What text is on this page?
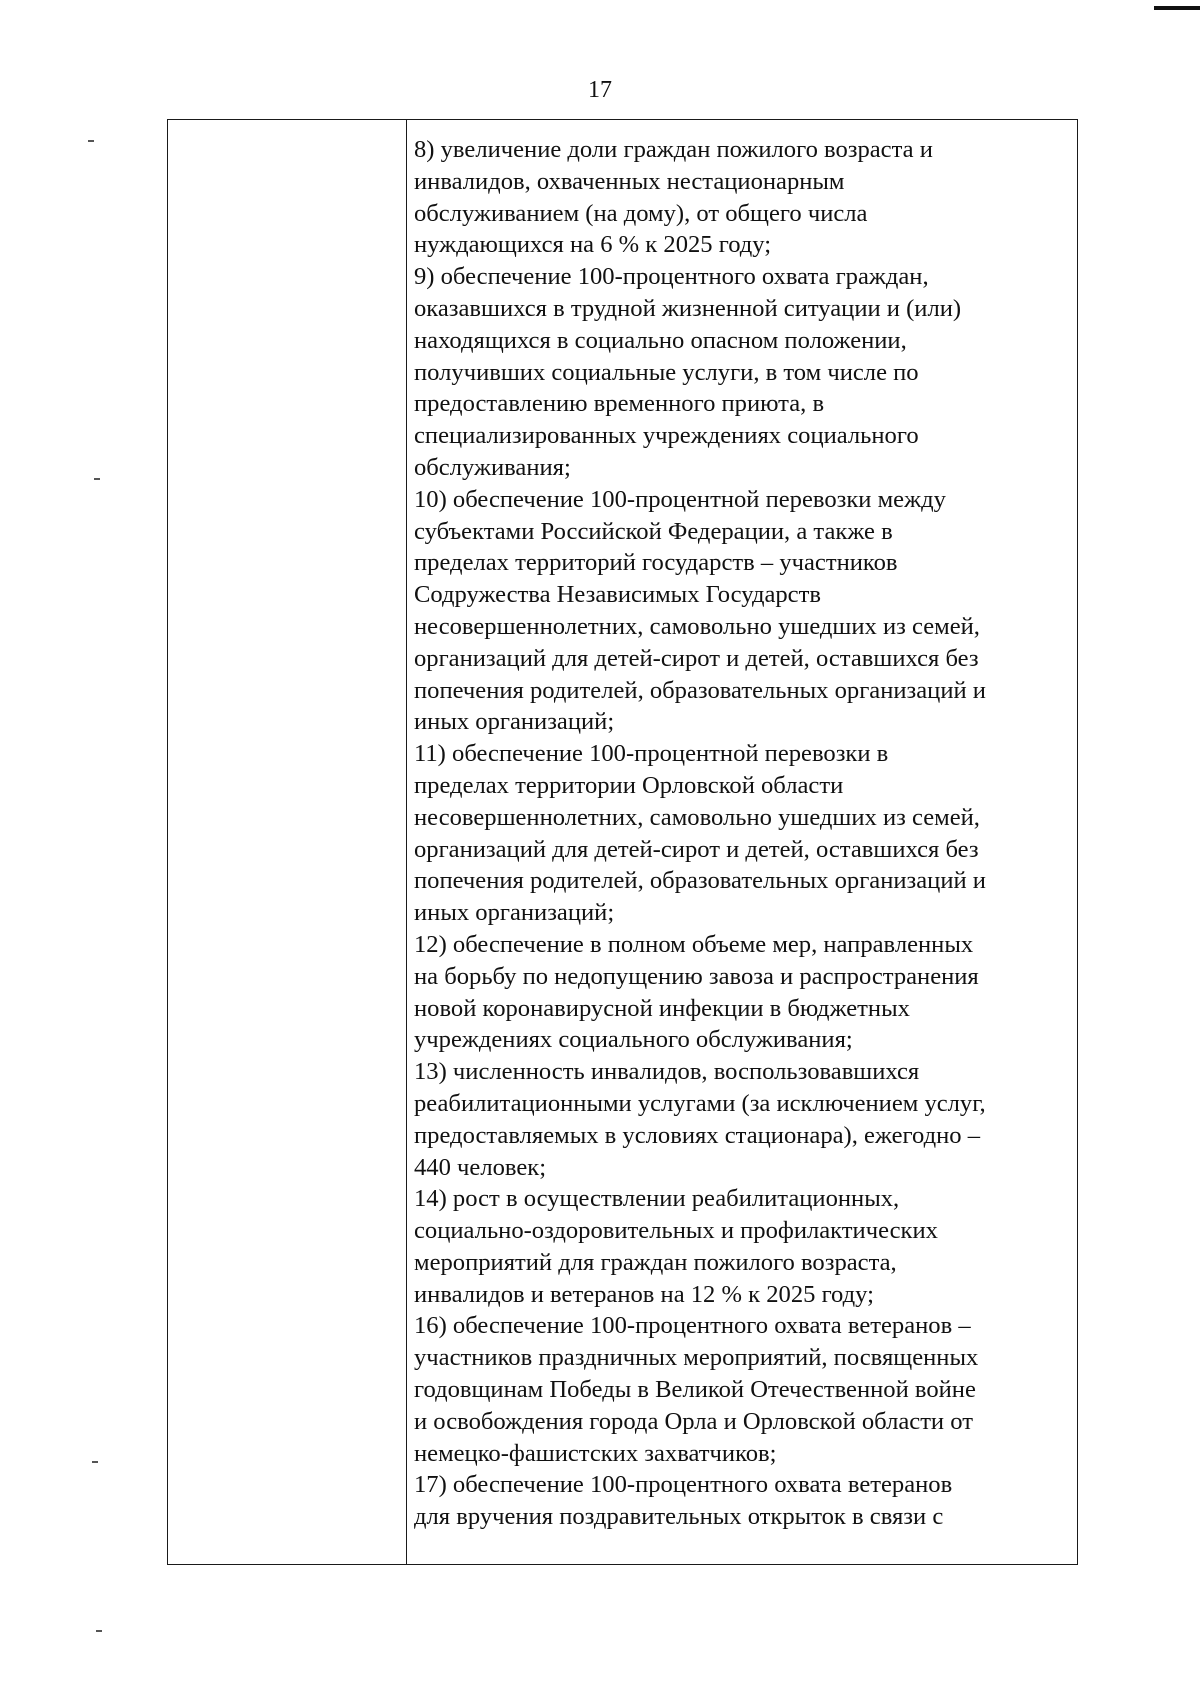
17

8) увеличение доли граждан пожилого возраста и
инвалидов, охваченных нестационарным
обслуживанием (на дому), от общего числа
нуждающихся на 6 % к 2025 году;
9) обеспечение 100-процентного охвата граждан,
оказавшихся в трудной жизненной ситуации и (или)
находящихся в социально опасном положении,
получивших социальные услуги, в том числе по
предоставлению временного приюта, в
специализированных учреждениях социального
обслуживания;
10) обеспечение 100-процентной перевозки между
субъектами Российской Федерации, а также в
пределах территорий государств – участников
Содружества Независимых Государств
несовершеннолетних, самовольно ушедших из семей,
организаций для детей-сирот и детей, оставшихся без
попечения родителей, образовательных организаций и
иных организаций;
11) обеспечение 100-процентной перевозки в
пределах территории Орловской области
несовершеннолетних, самовольно ушедших из семей,
организаций для детей-сирот и детей, оставшихся без
попечения родителей, образовательных организаций и
иных организаций;
12) обеспечение в полном объеме мер, направленных
на борьбу по недопущению завоза и распространения
новой коронавирусной инфекции в бюджетных
учреждениях социального обслуживания;
13) численность инвалидов, воспользовавшихся
реабилитационными услугами (за исключением услуг,
предоставляемых в условиях стационара), ежегодно –
440 человек;
14) рост в осуществлении реабилитационных,
социально-оздоровительных и профилактических
мероприятий для граждан пожилого возраста,
инвалидов и ветеранов на 12 % к 2025 году;
16) обеспечение 100-процентного охвата ветеранов –
участников праздничных мероприятий, посвященных
годовщинам Победы в Великой Отечественной войне
и освобождения города Орла и Орловской области от
немецко-фашистских захватчиков;
17) обеспечение 100-процентного охвата ветеранов
для вручения поздравительных открыток в связи с
